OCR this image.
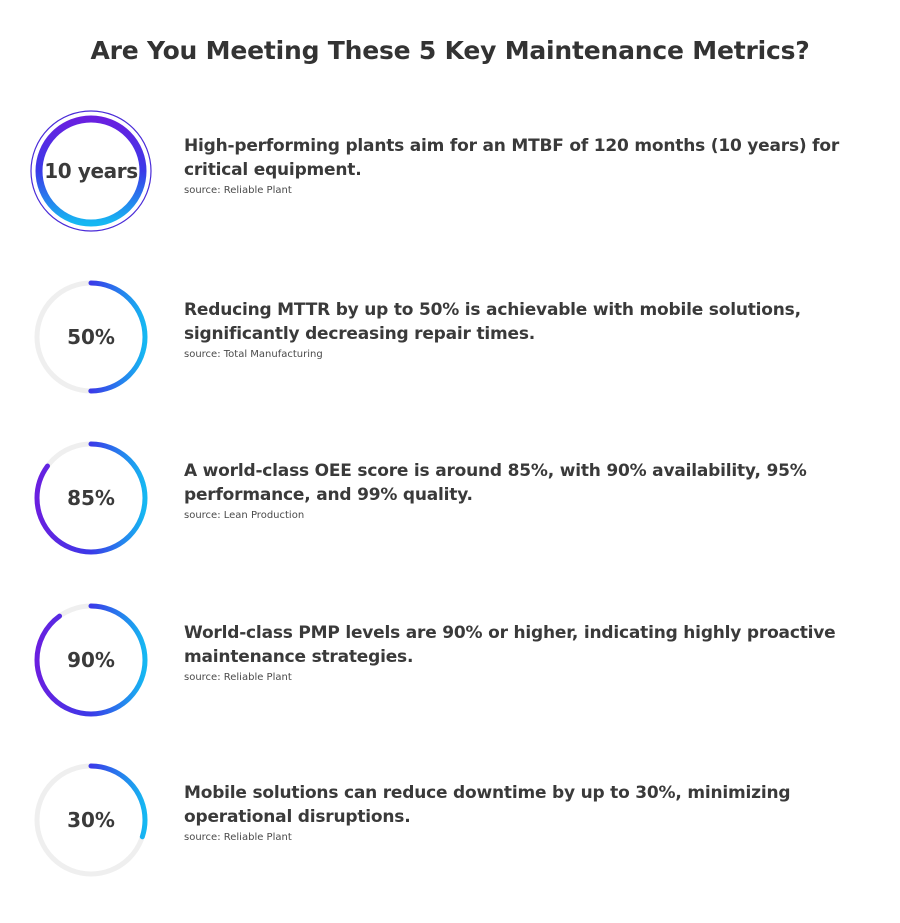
Are You Meeting These 5 Key Maintenance Metrics?
10 years

High-performing plants aim for an MTBF of 120 months (10 years) for critical equipment.

source: Reliable Plant
50%

Reducing MTTR by up to 50% is achievable with mobile solutions, significantly decreasing repair times.

source: Total Manufacturing
85%

A world-class OEE score is around 85%, with 90% availability, 95% performance, and 99% quality.

source: Lean Production
90%

World-class PMP levels are 90% or higher, indicating highly proactive maintenance strategies.

source: Reliable Plant
30%

Mobile solutions can reduce downtime by up to 30%, minimizing operational disruptions.

source: Reliable Plant
